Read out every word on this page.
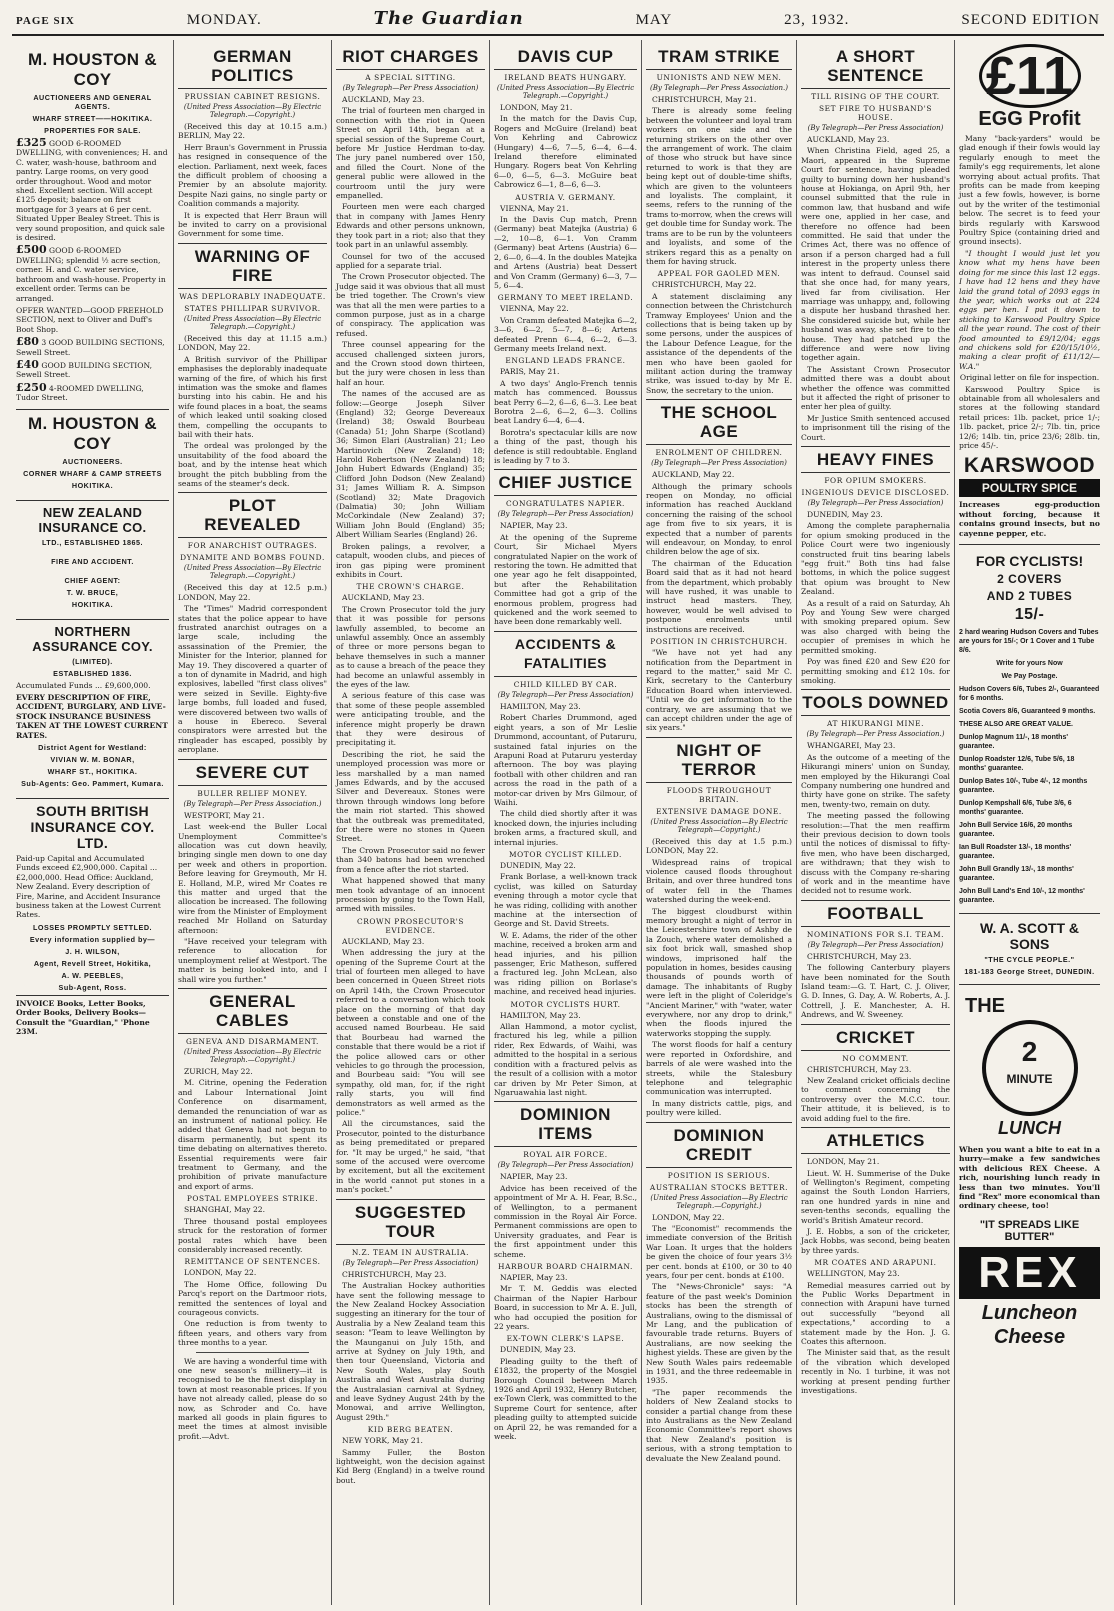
PAGE SIX	MONDAY.	The Guardian	MAY	23, 1932.	SECOND EDITION
M. HOUSTON & COY
AUCTIONEERS AND GENERAL AGENTS.
WHARF STREET——HOKITIKA.
PROPERTIES FOR SALE.
£325 GOOD 6-ROOMED DWELLING, with conveniences; H. and C. water, wash-house, bathroom and pantry. Large rooms, on very good order throughout. Wood and motor shed. Excellent section. Will accept £125 deposit; balance on first mortgage for 3 years at 6 per cent. Situated Upper Bealey Street. This is very sound proposition, and quick sale is desired.
£500 GOOD 6-ROOMED DWELLING; splendid ½ acre section, corner. H. and C. water service, bathroom and wash-house. Property in excellent order. Terms can be arranged.
OFFER WANTED—GOOD FREEHOLD SECTION, next to Oliver and Duff's Boot Shop.
£80 3 GOOD BUILDING SECTIONS, Sewell Street.
£40 GOOD BUILDING SECTION, Sewell Street.
£250 4-ROOMED DWELLING, Tudor Street.
M. HOUSTON & COY
AUCTIONEERS.
CORNER WHARF & CAMP STREETS
HOKITIKA.
NEW ZEALAND INSURANCE CO.
LTD., ESTABLISHED 1865.
FIRE AND ACCIDENT.
CHIEF AGENT:
T. W. BRUCE,
HOKITIKA.
NORTHERN ASSURANCE COY.
(LIMITED).
ESTABLISHED 1836.
Accumulated Funds ... £9,600,000.
EVERY DESCRIPTION OF FIRE, ACCIDENT, BURGLARY, AND LIVE-STOCK INSURANCE BUSINESS TAKEN AT THE LOWEST CURRENT RATES.
District Agent for Westland:
VIVIAN W. M. BONAR,
WHARF ST., HOKITIKA.
Sub-Agents: Geo. Pammert, Kumara.
SOUTH BRITISH INSURANCE COY. LTD.
Paid-up Capital and Accumulated Funds exceed £2,900,000. Capital ... £2,000,000. Head Office: Auckland, New Zealand. Every description of Fire, Marine, and Accident Insurance business taken at the Lowest Current Rates.
LOSSES PROMPTLY SETTLED.
Every information supplied by—
J. H. WILSON,
Agent, Revell Street, Hokitika,
A. W. PEEBLES,
Sub-Agent, Ross.
INVOICE Books, Letter Books, Order Books, Delivery Books—Consult the "Guardian," 'Phone 23M.
GERMAN POLITICS
PRUSSIAN CABINET RESIGNS.
(United Press Association—By Electric Telegraph.—Copyright.)

(Received this day at 10.15 a.m.) BERLIN, May 22.

Herr Braun's Government in Prussia has resigned in consequence of the election. Parliament, next week, faces the difficult problem of choosing a Premier by an absolute majority. Despite Nazi gains, no single party or Coalition commands a majority.

It is expected that Herr Braun will be invited to carry on a provisional Government for some time.

WARNING OF FIRE
WAS DEPLORABLY INADEQUATE.
STATES PHILLIPAR SURVIVOR.
(United Press Association—By Electric Telegraph.—Copyright.)

(Received this day at 11.15 a.m.) LONDON, May 22.

A British survivor of the Phillipar emphasises the deplorably inadequate warning of the fire, of which his first intimation was the smoke and flames bursting into his cabin. He and his wife found places in a boat, the seams of which leaked until soaking closed them, compelling the occupants to bail with their hats.

The ordeal was prolonged by the unsuitability of the food aboard the boat, and by the intense heat which brought the pitch bubbling from the seams of the steamer's deck.

PLOT REVEALED
FOR ANARCHIST OUTRAGES.
DYNAMITE AND BOMBS FOUND.
(United Press Association—By Electric Telegraph.—Copyright.)

(Received this day at 12.5 p.m.) LONDON, May 22.

The "Times" Madrid correspondent states that the police appear to have frustrated anarchist outrages on a large scale, including the assassination of the Premier, the Minister for the Interior, planned for May 19. They discovered a quarter of a ton of dynamite in Madrid, and high explosives, labelled "first class olives" were seized in Seville. Eighty-five large bombs, full loaded and fused, were discovered between two walls of a house in Ebereco. Several conspirators were arrested but the ringleader has escaped, possibly by aeroplane.

SEVERE CUT
BULLER RELIEF MONEY.
(By Telegraph—Per Press Association.)

WESTPORT, May 21.

Last week-end the Buller Local Unemployment Committee's allocation was cut down heavily, bringing single men down to one day per week and others in proportion. Before leaving for Greymouth, Mr H. E. Holland, M.P., wired Mr Coates re this matter and urged that the allocation be increased. The following wire from the Minister of Employment reached Mr Holland on Saturday afternoon:

"Have received your telegram with reference to allocation for unemployment relief at Westport. The matter is being looked into, and I shall wire you further."

GENERAL CABLES
GENEVA AND DISARMAMENT.
(United Press Association—By Electric Telegraph.—Copyright.)

ZURICH, May 22.

M. Citrine, opening the Federation and Labour International Joint Conference on disarmament, demanded the renunciation of war as an instrument of national policy. He added that Geneva had not begun to disarm permanently, but spent its time debating on alternatives thereto. Essential requirements were fair treatment to Germany, and the prohibition of private manufacture and export of arms.

POSTAL EMPLOYEES STRIKE.

SHANGHAI, May 22.

Three thousand postal employees struck for the restoration of former postal rates which have been considerably increased recently.

REMITTANCE OF SENTENCES.

LONDON, May 22.

The Home Office, following Du Parcq's report on the Dartmoor riots, remitted the sentences of loyal and courageous convicts.

One reduction is from twenty to fifteen years, and others vary from three months to a year.

We are having a wonderful time with one new season's millinery—it is recognised to be the finest display in town at most reasonable prices. If you have not already called, please do so now, as Schroder and Co. have marked all goods in plain figures to meet the times at almost invisible profit.—Advt.

RIOT CHARGES
A SPECIAL SITTING.
(By Telegraph—Per Press Association)

AUCKLAND, May 23.

The trial of fourteen men charged in connection with the riot in Queen Street on April 14th, began at a special session of the Supreme Court, before Mr Justice Herdman to-day. The jury panel numbered over 150, and filled the Court. None of the general public were allowed in the courtroom until the jury were empanelled.

Fourteen men were each charged that in company with James Henry Edwards and other persons unknown, they took part in a riot; also that they took part in an unlawful assembly.

Counsel for two of the accused applied for a separate trial.

The Crown Prosecutor objected. The Judge said it was obvious that all must be tried together. The Crown's view was that all the men were parties to a common purpose, just as in a charge of conspiracy. The application was refused.

Three counsel appearing for the accused challenged sixteen jurors, and the Crown stood down thirteen, but the jury were chosen in less than half an hour.

The names of the accused are as follow:—George Joseph Silver (England) 32; George Devereaux (Ireland) 38; Oswald Bourbeau (Canada) 51; John Sharpe (Scotland) 36; Simon Elari (Australian) 21; Leo Martinovich (New Zealand) 18; Harold Robertson (New Zealand) 18; John Hubert Edwards (England) 35; Clifford John Dodson (New Zealand) 31; James William R. A. Simpson (Scotland) 32; Mate Dragovich (Dalmatia) 30; John William McCorkindale (New Zealand) 37; William John Bould (England) 35; Albert William Searles (England) 26.

Broken palings, a revolver, a catapult, wooden clubs, and pieces of iron gas piping were prominent exhibits in Court.

THE CROWN'S CHARGE.

AUCKLAND, May 23.

The Crown Prosecutor told the jury that it was possible for persons lawfully assembled, to become an unlawful assembly. Once an assembly of three or more persons began to behave themselves in such a manner as to cause a breach of the peace they had become an unlawful assembly in the eyes of the law.

A serious feature of this case was that some of these people assembled were anticipating trouble, and the inference might properly be drawn that they were desirous of precipitating it.

Describing the riot, he said the unemployed procession was more or less marshalled by a man named James Edwards, and by the accused Silver and Devereaux. Stones were thrown through windows long before the main riot started. This showed that the outbreak was premeditated, for there were no stones in Queen Street.

The Crown Prosecutor said no fewer than 340 batons had been wrenched from a fence after the riot started.

What happened showed that many men took advantage of an innocent procession by going to the Town Hall, armed with missiles.

CROWN PROSECUTOR'S EVIDENCE.

AUCKLAND, May 23.

When addressing the jury at the opening of the Supreme Court at the trial of fourteen men alleged to have been concerned in Queen Street riots on April 14th, the Crown Prosecutor referred to a conversation which took place on the morning of that day between a constable and one of the accused named Bourbeau. He said that Bourbeau had warned the constable that there would be a riot if the police allowed cars or other vehicles to go through the procession, and Bourbeau said: "You will see sympathy, old man, for, if the right rally starts, you will find demonstrators as well armed as the police."

All the circumstances, said the Prosecutor, pointed to the disturbance as being premeditated or prepared for. "It may be urged," he said, "that some of the accused were overcome by excitement, but all the excitement in the world cannot put stones in a man's pocket."

SUGGESTED TOUR
N.Z. TEAM IN AUSTRALIA.
(By Telegraph—Per Press Association)

CHRISTCHURCH, May 23.

The Australian Hockey authorities have sent the following message to the New Zealand Hockey Association suggesting an itinerary for the tour of Australia by a New Zealand team this season: "Team to leave Wellington by the Maunganui on July 15th, and arrive at Sydney on July 19th, and then tour Queensland, Victoria and New South Wales, play South Australia and West Australia during the Australasian carnival at Sydney, and leave Sydney August 24th by the Monowai, and arrive Wellington, August 29th."

KID BERG BEATEN.

NEW YORK, May 21.

Sammy Fuller, the Boston lightweight, won the decision against Kid Berg (England) in a twelve round bout.

DAVIS CUP
IRELAND BEATS HUNGARY.
(United Press Association—By Electric Telegraph.—Copyright.)

LONDON, May 21.

In the match for the Davis Cup, Rogers and McGuire (Ireland) beat Von Kehrling and Cabrowicz (Hungary) 4—6, 7—5, 6—4, 6—4. Ireland therefore eliminated Hungary. Rogers beat Von Kehrling 6—0, 6—5, 6—3. McGuire beat Cabrowicz 6—1, 8—6, 6—3.

AUSTRIA V. GERMANY.

VIENNA, May 21.

In the Davis Cup match, Prenn (Germany) beat Matejka (Austria) 6—2, 10—8, 6—1. Von Cramm (Germany) beat Artens (Austria) 6—2, 6—0, 6—4. In the doubles Matejka and Artens (Austria) beat Dessert and Von Cramm (Germany) 6—3, 7—5, 6—4.

GERMANY TO MEET IRELAND.

VIENNA, May 22.

Von Cramm defeated Matejka 6—2, 3—6, 6—2, 5—7, 8—6; Artens defeated Prenn 6—4, 6—2, 6—3. Germany meets Ireland next.

ENGLAND LEADS FRANCE.

PARIS, May 21.

A two days' Anglo-French tennis match has commenced. Boussus beat Perry 6—2, 6—6, 6—3. Lee beat Borotra 2—6, 6—2, 6—3. Collins beat Landry 6—4, 6—4.

Borotra's spectacular kills are now a thing of the past, though his defence is still redoubtable. England is leading by 7 to 3.

CHIEF JUSTICE
CONGRATULATES NAPIER.
(By Telegraph—Per Press Association)

NAPIER, May 23.

At the opening of the Supreme Court, Sir Michael Myers congratulated Napier on the work of restoring the town. He admitted that one year ago he felt disappointed, but after the Rehabilitation Committee had got a grip of the enormous problem, progress had quickened and the work seemed to have been done remarkably well.

ACCIDENTS & FATALITIES
CHILD KILLED BY CAR.
(By Telegraph—Per Press Association)

HAMILTON, May 23.

Robert Charles Drummond, aged eight years, a son of Mr Leslie Drummond, accountant, of Putaruru, sustained fatal injuries on the Arapuni Road at Putaruru yesterday afternoon. The boy was playing football with other children and ran across the road in the path of a motor-car driven by Mrs Gilmour, of Waihi.

The child died shortly after it was knocked down, the injuries including broken arms, a fractured skull, and internal injuries.

MOTOR CYCLIST KILLED.

DUNEDIN, May 22.

Frank Borlase, a well-known track cyclist, was killed on Saturday evening through a motor cycle that he was riding, colliding with another machine at the intersection of George and St. David Streets.

W. E. Adams, the rider of the other machine, received a broken arm and head injuries, and his pillion passenger, Eric Matheson, suffered a fractured leg. John McLean, also was riding pillion on Borlase's machine, and received head injuries.

MOTOR CYCLISTS HURT.

HAMILTON, May 23.

Allan Hammond, a motor cyclist, fractured his leg, while a pillion rider, Rex Edwards, of Waihi, was admitted to the hospital in a serious condition with a fractured pelvis as the result of a collision with a motor car driven by Mr Peter Simon, at Ngaruawahia last night.

DOMINION ITEMS
ROYAL AIR FORCE.
(By Telegraph—Per Press Association)

NAPIER, May 23.

Advice has been received of the appointment of Mr A. H. Fear, B.Sc., of Wellington, to a permanent commission in the Royal Air Force. Permanent commissions are open to University graduates, and Fear is the first appointment under this scheme.

HARBOUR BOARD CHAIRMAN.

NAPIER, May 23.

Mr T. M. Geddis was elected Chairman of the Napier Harbour Board, in succession to Mr A. E. Jull, who had occupied the position for 22 years.

EX-TOWN CLERK'S LAPSE.

DUNEDIN, May 23.

Pleading guilty to the theft of £1832, the property of the Mosgiel Borough Council between March 1926 and April 1932, Henry Butcher, ex-Town Clerk, was committed to the Supreme Court for sentence, after pleading guilty to attempted suicide on April 22, he was remanded for a week.

TRAM STRIKE
UNIONISTS AND NEW MEN.
(By Telegraph—Per Press Association.)

CHRISTCHURCH, May 21.

There is already some feeling between the volunteer and loyal tram workers on one side and the returning strikers on the other over the arrangement of work. The claim of those who struck but have since returned to work is that they are being kept out of double-time shifts, which are given to the volunteers and loyalists. The complaint, it seems, refers to the running of the trams to-morrow, when the crews will get double time for Sunday work. The trams are to be run by the volunteers and loyalists, and some of the strikers regard this as a penalty on them for having struck.

APPEAL FOR GAOLED MEN.

CHRISTCHURCH, May 22.

A statement disclaiming any connection between the Christchurch Tramway Employees' Union and the collections that is being taken up by some persons, under the auspices of the Labour Defence League, for the assistance of the dependents of the men who have been gaoled for militant action during the tramway strike, was issued to-day by Mr E. Snow, the secretary to the union.

THE SCHOOL AGE
ENROLMENT OF CHILDREN.
(By Telegraph—Per Press Association)

AUCKLAND, May 22.

Although the primary schools reopen on Monday, no official information has reached Auckland concerning the raising of the school age from five to six years, it is expected that a number of parents will endeavour, on Monday, to enrol children below the age of six.

The chairman of the Education Board said that as it had not heard from the department, which probably will have rushed, it was unable to instruct head masters. They, however, would be well advised to postpone enrolments until instructions are received.

POSITION IN CHRISTCHURCH.

"We have not yet had any notification from the Department in regard to the matter," said Mr C. Kirk, secretary to the Canterbury Education Board when interviewed. "Until we do get information to the contrary, we are assuming that we can accept children under the age of six years."

NIGHT OF TERROR
FLOODS THROUGHOUT BRITAIN.
EXTENSIVE DAMAGE DONE.
(United Press Association—By Electric Telegraph—Copyright.)

(Received this day at 1.5 p.m.) LONDON, May 22.

Widespread rains of tropical violence caused floods throughout Britain, and over three hundred tons of water fell in the Thames watershed during the week-end.

The biggest cloudburst within memory brought a night of terror in the Leicestershire town of Ashby de la Zouch, where water demolished a six foot brick wall, smashed shop windows, imprisoned half the population in homes, besides causing thousands of pounds worth of damage. The inhabitants of Rugby were left in the plight of Coleridge's "Ancient Mariner," with "water, water everywhere, nor any drop to drink," when the floods injured the waterworks stopping the supply.

The worst floods for half a century were reported in Oxfordshire, and barrels of ale were washed into the streets, while the Stalesbury telephone and telegraphic communication was interrupted.

In many districts cattle, pigs, and poultry were killed.

DOMINION CREDIT
POSITION IS SERIOUS.
AUSTRALIAN STOCKS BETTER.
(United Press Association—By Electric Telegraph.—Copyright.)

LONDON, May 22.

The "Economist" recommends the immediate conversion of the British War Loan. It urges that the holders be given the choice of four years 3½ per cent. bonds at £100, or 30 to 40 years, four per cent. bonds at £100.

The "News-Chronicle" says: "A feature of the past week's Dominion stocks has been the strength of Australians, owing to the dismissal of Mr Lang, and the publication of favourable trade returns. Buyers of Australians, are now seeking the highest yields. These are given by the New South Wales pairs redeemable in 1931, and the three redeemable in 1935.

"The paper recommends the holders of New Zealand stocks to consider a partial change from these into Australians as the New Zealand Economic Committee's report shows that New Zealand's position is serious, with a strong temptation to devaluate the New Zealand pound.

A SHORT SENTENCE
TILL RISING OF THE COURT.
SET FIRE TO HUSBAND'S HOUSE.
(By Telegraph—Per Press Association)

AUCKLAND, May 23.

When Christina Field, aged 25, a Maori, appeared in the Supreme Court for sentence, having pleaded guilty to burning down her husband's house at Hokianga, on April 9th, her counsel submitted that the rule in common law, that husband and wife were one, applied in her case, and therefore no offence had been committed. He said that under the Crimes Act, there was no offence of arson if a person charged had a full interest in the property unless there was intent to defraud. Counsel said that she once had, for many years, lived far from civilisation. Her marriage was unhappy, and, following a dispute her husband thrashed her. She considered suicide but, while her husband was away, she set fire to the house. They had patched up the difference and were now living together again.

The Assistant Crown Prosecutor admitted there was a doubt about whether the offence was committed but it affected the right of prisoner to enter her plea of guilty.

Mr Justice Smith sentenced accused to imprisonment till the rising of the Court.

HEAVY FINES
FOR OPIUM SMOKERS.
INGENIOUS DEVICE DISCLOSED.
(By Telegraph—Per Press Association)

DUNEDIN, May 23.

Among the complete paraphernalia for opium smoking produced in the Police Court were two ingeniously constructed fruit tins bearing labels "egg fruit." Both tins had false bottoms, in which the police suggest that opium was brought to New Zealand.

As a result of a raid on Saturday, Ah Poy and Young Sew were charged with smoking prepared opium. Sew was also charged with being the occupier of premises in which he permitted smoking.

Poy was fined £20 and Sew £20 for permitting smoking and £12 10s. for smoking.

TOOLS DOWNED
AT HIKURANGI MINE.
(By Telegraph—Per Press Association.)

WHANGAREI, May 23.

As the outcome of a meeting of the Hikurangi miners' union on Sunday, men employed by the Hikurangi Coal Company numbering one hundred and thirty have gone on strike. The safety men, twenty-two, remain on duty.

The meeting passed the following resolution:—That the men reaffirm their previous decision to down tools until the notices of dismissal to fifty-five men, who have been discharged, are withdrawn; that they wish to discuss with the Company re-sharing of work and in the meantime have decided not to resume work.

FOOTBALL
NOMINATIONS FOR S.I. TEAM.
(By Telegraph—Per Press Association)

CHRISTCHURCH, May 23.

The following Canterbury players have been nominated for the South Island team:—G. T. Hart, C. J. Oliver, G. D. Innes, G. Day, A. W. Roberts, A. J. Cottrell, J. E. Manchester, A. H. Andrews, and W. Sweeney.

CRICKET
NO COMMENT.

CHRISTCHURCH, May 23.

New Zealand cricket officials decline to comment concerning the controversy over the M.C.C. tour. Their attitude, it is believed, is to avoid adding fuel to the fire.

ATHLETICS

LONDON, May 21.

Lieut. W. H. Summerise of the Duke of Wellington's Regiment, competing against the South London Harriers, ran one hundred yards in nine and seven-tenths seconds, equalling the world's British Amateur record.

J. E. Hobbs, a son of the cricketer, Jack Hobbs, was second, being beaten by three yards.

MR COATES AND ARAPUNI.

WELLINGTON, May 23.

Remedial measures carried out by the Public Works Department in connection with Arapuni have turned out successfully "beyond all expectations," according to a statement made by the Hon. J. G. Coates this afternoon.

The Minister said that, as the result of the vibration which developed recently in No. 1 turbine, it was not working at present pending further investigations.

£11
EGG Profit

Many "back-yarders" would be glad enough if their fowls would lay regularly enough to meet the family's egg requirements, let alone worrying about actual profits. That profits can be made from keeping just a few fowls, however, is borne out by the writer of the testimonial below. The secret is to feed your birds regularly with Karswood Poultry Spice (containing dried and ground insects).

"I thought I would just let you know what my hens have been doing for me since this last 12 eggs. I have had 12 hens and they have laid the grand total of 2093 eggs in the year, which works out at 224 eggs per hen. I put it down to sticking to Karswood Poultry Spice all the year round. The cost of their food amounted to £9/12/04; eggs and chickens sold for £20/15/10½, making a clear profit of £11/12/—W.A."

Original letter on file for inspection.

Karswood Poultry Spice is obtainable from all wholesalers and stores at the following standard retail prices: 1lb. packet, price 1/-; 1lb. packet, price 2/-; 7lb. tin, price 12/6; 14lb. tin, price 23/6; 28lb. tin, price 45/-.

KARSWOOD
POULTRY SPICE

Increases egg-production without forcing, because it contains ground insects, but no cayenne pepper, etc.

FOR CYCLISTS!
2 COVERS
AND 2 TUBES
15/-
2 hard wearing Hudson Covers and Tubes are yours for 15/-; Or 1 Cover and 1 Tube 8/6.
Write for yours Now
We Pay Postage.
Hudson Covers 6/6, Tubes 2/-, Guaranteed for 6 months.
Scotia Covers 8/6, Guaranteed 9 months.
THESE ALSO ARE GREAT VALUE.
Dunlop Magnum 11/-, 18 months' guarantee.
Dunlop Roadster 12/6, Tube 5/6, 18 months' guarantee.
Dunlop Bates 10/-, Tube 4/-, 12 months guarantee.
Dunlop Kempshall 6/6, Tube 3/6, 6 months' guarantee.
John Bull Service 16/6, 20 months guarantee.
Ian Bull Roadster 13/-, 18 months' guarantee.
John Bull Grandly 13/-, 18 months' guarantee.
John Bull Land's End 10/-, 12 months' guarantee.
W. A. SCOTT & SONS
"THE CYCLE PEOPLE."
181-183 George Street, DUNEDIN.
THE
2
MINUTE
LUNCH

When you want a bite to eat in a hurry—make a few sandwiches with delicious REX Cheese. A rich, nourishing lunch ready in less than two minutes. You'll find "Rex" more economical than ordinary cheese, too!

"IT SPREADS LIKE BUTTER"
REX
Luncheon Cheese
